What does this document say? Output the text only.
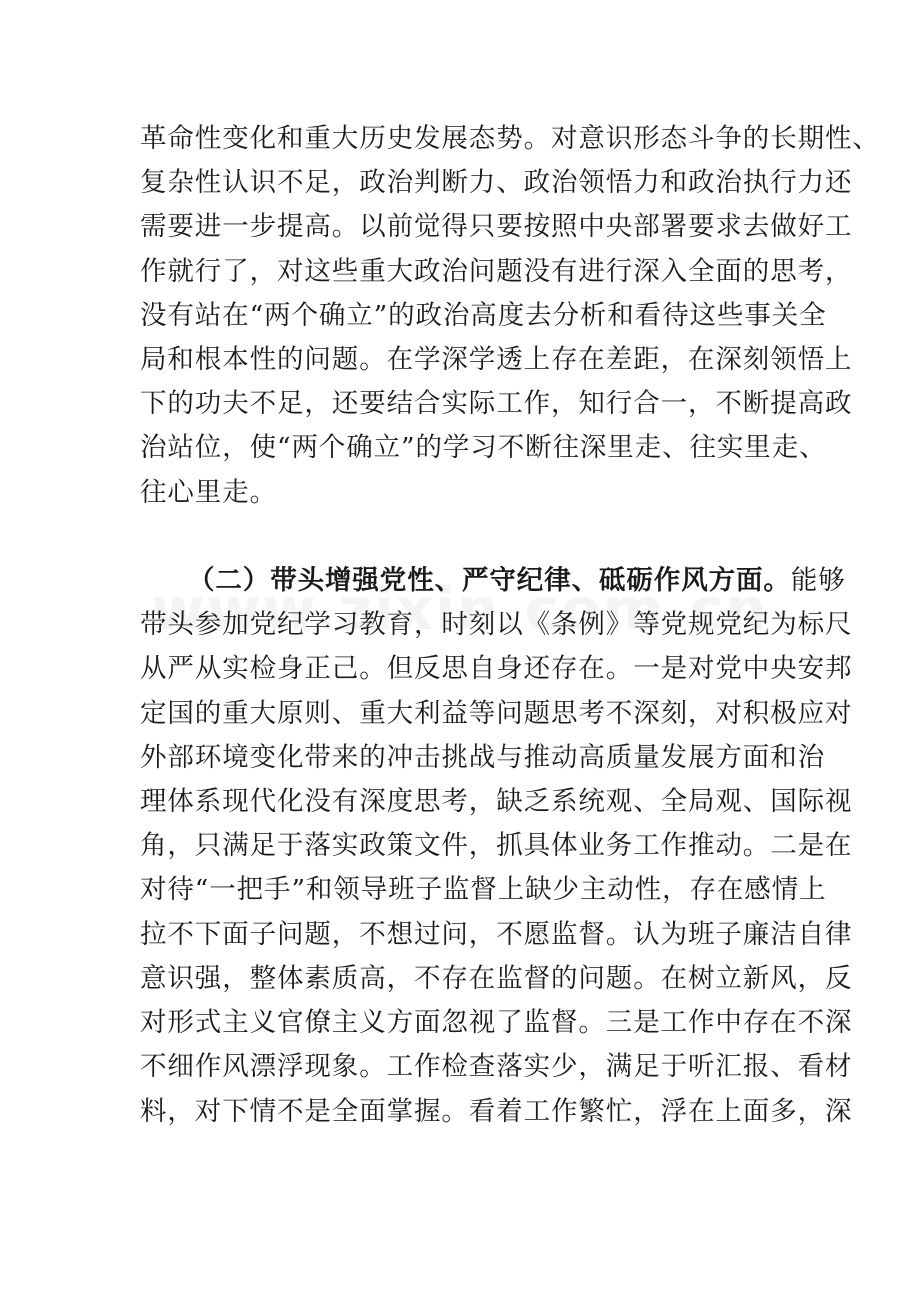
革命性变化和重大历史发展态势。对意识形态斗争的长期性、
复杂性认识不足，政治判断力、政治领悟力和政治执行力还
需要进一步提高。以前觉得只要按照中央部署要求去做好工
作就行了，对这些重大政治问题没有进行深入全面的思考，
没有站在“两个确立”的政治高度去分析和看待这些事关全
局和根本性的问题。在学深学透上存在差距，在深刻领悟上
下的功夫不足，还要结合实际工作，知行合一，不断提高政
治站位，使“两个确立”的学习不断往深里走、往实里走、
往心里走。
（二）带头增强党性、严守纪律、砥砺作风方面。能够
带头参加党纪学习教育，时刻以《条例》等党规党纪为标尺
从严从实检身正己。但反思自身还存在。一是对党中央安邦
定国的重大原则、重大利益等问题思考不深刻，对积极应对
外部环境变化带来的冲击挑战与推动高质量发展方面和治
理体系现代化没有深度思考，缺乏系统观、全局观、国际视
角，只满足于落实政策文件，抓具体业务工作推动。二是在
对待“一把手”和领导班子监督上缺少主动性，存在感情上
拉不下面子问题，不想过问，不愿监督。认为班子廉洁自律
意识强，整体素质高，不存在监督的问题。在树立新风，反
对形式主义官僚主义方面忽视了监督。三是工作中存在不深
不细作风漂浮现象。工作检查落实少，满足于听汇报、看材
料，对下情不是全面掌握。看着工作繁忙，浮在上面多，深
